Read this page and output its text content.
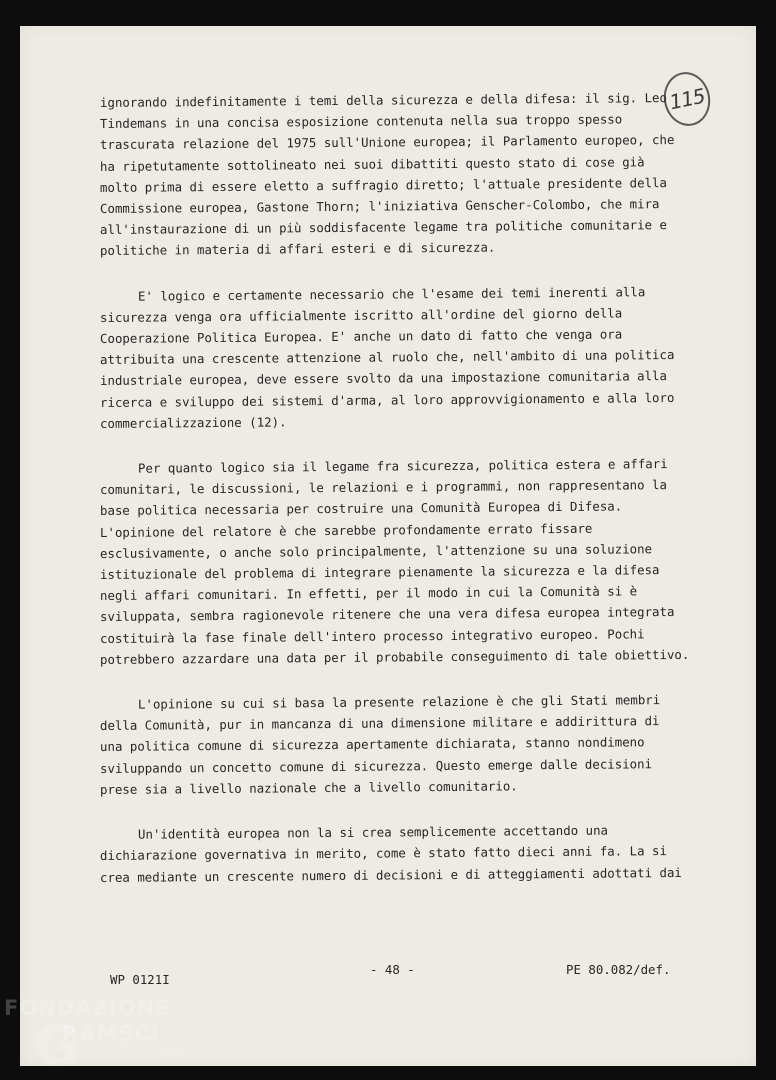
115
ignorando indefinitamente i temi della sicurezza e della difesa: il sig. Leo
Tindemans in una concisa esposizione contenuta nella sua troppo spesso
trascurata relazione del 1975 sull'Unione europea; il Parlamento europeo, che
ha ripetutamente sottolineato nei suoi dibattiti questo stato di cose già
molto prima di essere eletto a suffragio diretto; l'attuale presidente della
Commissione europea, Gastone Thorn; l'iniziativa Genscher-Colombo, che mira
all'instaurazione di un più soddisfacente legame tra politiche comunitarie e
politiche in materia di affari esteri e di sicurezza.
E' logico e certamente necessario che l'esame dei temi inerenti alla
sicurezza venga ora ufficialmente iscritto all'ordine del giorno della
Cooperazione Politica Europea. E' anche un dato di fatto che venga ora
attribuita una crescente attenzione al ruolo che, nell'ambito di una politica
industriale europea, deve essere svolto da una impostazione comunitaria alla
ricerca e sviluppo dei sistemi d'arma, al loro approvvigionamento e alla loro
commercializzazione (12).
Per quanto logico sia il legame fra sicurezza, politica estera e affari
comunitari, le discussioni, le relazioni e i programmi, non rappresentano la
base politica necessaria per costruire una Comunità Europea di Difesa.
L'opinione del relatore è che sarebbe profondamente errato fissare
esclusivamente, o anche solo principalmente, l'attenzione su una soluzione
istituzionale del problema di integrare pienamente la sicurezza e la difesa
negli affari comunitari. In effetti, per il modo in cui la Comunità si è
sviluppata, sembra ragionevole ritenere che una vera difesa europea integrata
costituirà la fase finale dell'intero processo integrativo europeo. Pochi
potrebbero azzardare una data per il probabile conseguimento di tale obiettivo.
L'opinione su cui si basa la presente relazione è che gli Stati membri
della Comunità, pur in mancanza di una dimensione militare e addirittura di
una politica comune di sicurezza apertamente dichiarata, stanno nondimeno
sviluppando un concetto comune di sicurezza. Questo emerge dalle decisioni
prese sia a livello nazionale che a livello comunitario.
Un'identità europea non la si crea semplicemente accettando una
dichiarazione governativa in merito, come è stato fatto dieci anni fa. La si
crea mediante un crescente numero di decisioni e di atteggiamenti adottati dai
WP 0121I
- 48 -	PE 80.082/def.
G
FONDAZIONE
RAMSCI
onlus
